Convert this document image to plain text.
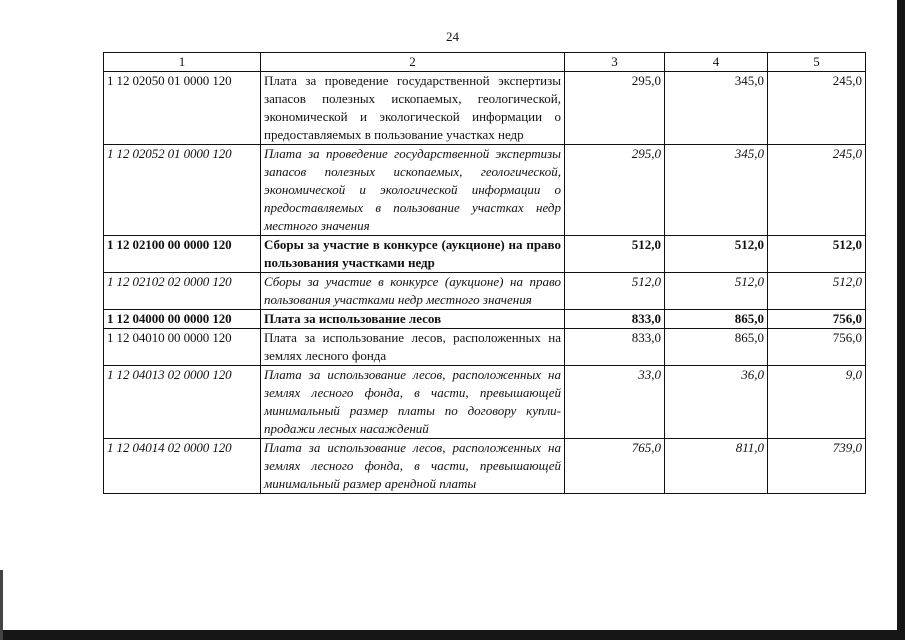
24
1	2	3	4	5
1 12 02050 01 0000 120	Плата за проведение государственной экспертизы запасов полезных ископаемых, геологической, экономической и экологической информации о предоставляемых в пользование участках недр	295,0	345,0	245,0
1 12 02052 01 0000 120	Плата за проведение государственной экспертизы запасов полезных ископаемых, геологической, экономической и экологической информации о предоставляемых в пользование участках недр местного значения	295,0	345,0	245,0
1 12 02100 00 0000 120	Сборы за участие в конкурсе (аукционе) на право пользования участками недр	512,0	512,0	512,0
1 12 02102 02 0000 120	Сборы за участие в конкурсе (аукционе) на право пользования участками недр местного значения	512,0	512,0	512,0
1 12 04000 00 0000 120	Плата за использование лесов	833,0	865,0	756,0
1 12 04010 00 0000 120	Плата за использование лесов, расположенных на землях лесного фонда	833,0	865,0	756,0
1 12 04013 02 0000 120	Плата за использование лесов, расположенных на землях лесного фонда, в части, превышающей минимальный размер платы по договору купли-продажи лесных насаждений	33,0	36,0	9,0
1 12 04014 02 0000 120	Плата за использование лесов, расположенных на землях лесного фонда, в части, превышающей минимальный размер арендной платы	765,0	811,0	739,0
